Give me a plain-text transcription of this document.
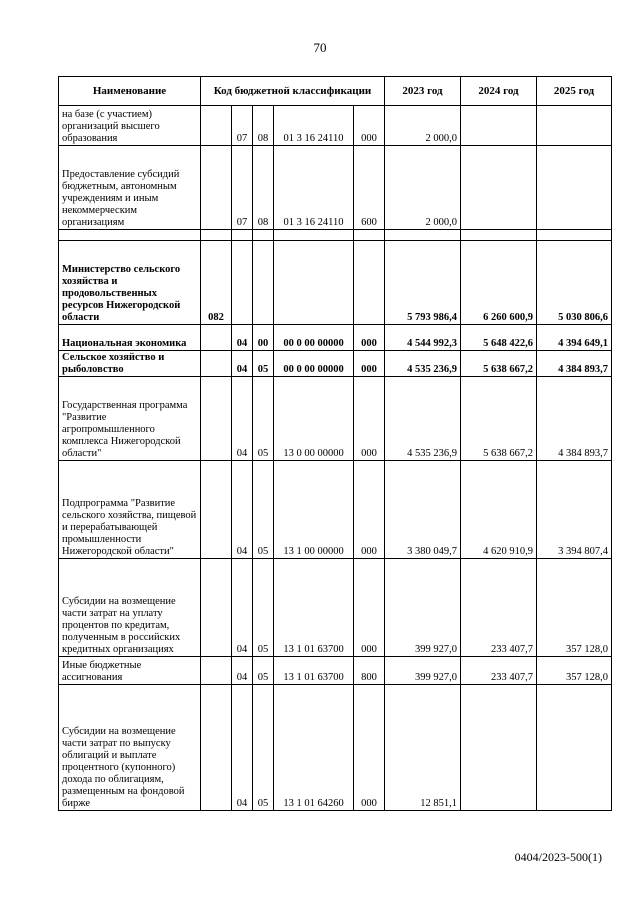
70
Наименование	Код бюджетной классификации					2023 год	2024 год	2025 год
на базе (с участием) организаций высшего образования		07	08	01 3 16 24110	000	2 000,0		
Предоставление субсидий бюджетным, автономным учреждениям и иным некоммерческим организациям		07	08	01 3 16 24110	600	2 000,0		

Министерство сельского хозяйства и продовольственных ресурсов Нижегородской области	082					5 793 986,4	6 260 600,9	5 030 806,6
Национальная экономика		04	00	00 0 00 00000	000	4 544 992,3	5 648 422,6	4 394 649,1
Сельское хозяйство и рыболовство		04	05	00 0 00 00000	000	4 535 236,9	5 638 667,2	4 384 893,7
Государственная программа "Развитие агропромышленного комплекса Нижегородской области"		04	05	13 0 00 00000	000	4 535 236,9	5 638 667,2	4 384 893,7
Подпрограмма "Развитие сельского хозяйства, пищевой и перерабатывающей промышленности Нижегородской области"		04	05	13 1 00 00000	000	3 380 049,7	4 620 910,9	3 394 807,4
Субсидии на возмещение части затрат на уплату процентов по кредитам, полученным в российских кредитных организациях		04	05	13 1 01 63700	000	399 927,0	233 407,7	357 128,0
Иные бюджетные ассигнования		04	05	13 1 01 63700	800	399 927,0	233 407,7	357 128,0
Субсидии на возмещение части затрат по выпуску облигаций и выплате процентного (купонного) дохода по облигациям, размещенным на фондовой бирже		04	05	13 1 01 64260	000	12 851,1		
0404/2023-500(1)
